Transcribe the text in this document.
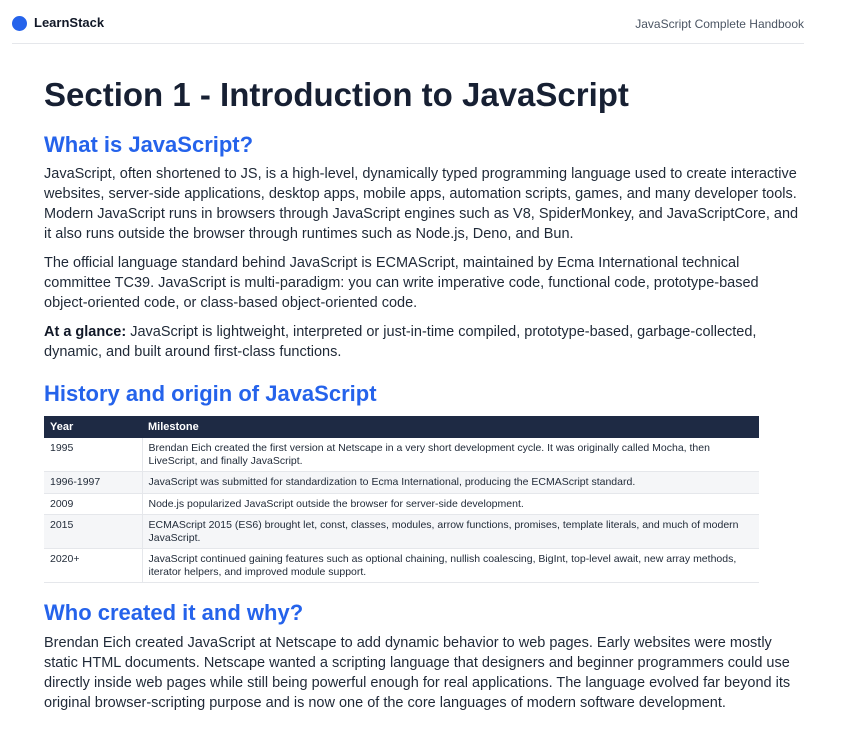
LearnStack	JavaScript Complete Handbook
Section 1 - Introduction to JavaScript
What is JavaScript?

JavaScript, often shortened to JS, is a high-level, dynamically typed programming language used to create interactive websites, server-side applications, desktop apps, mobile apps, automation scripts, games, and many developer tools. Modern JavaScript runs in browsers through JavaScript engines such as V8, SpiderMonkey, and JavaScriptCore, and it also runs outside the browser through runtimes such as Node.js, Deno, and Bun.

The official language standard behind JavaScript is ECMAScript, maintained by Ecma International technical committee TC39. JavaScript is multi-paradigm: you can write imperative code, functional code, prototype-based object-oriented code, or class-based object-oriented code.

At a glance: JavaScript is lightweight, interpreted or just-in-time compiled, prototype-based, garbage-collected, dynamic, and built around first-class functions.

History and origin of JavaScript
Year	Milestone
1995	Brendan Eich created the first version at Netscape in a very short development cycle. It was originally called Mocha, then LiveScript, and finally JavaScript.
1996-1997	JavaScript was submitted for standardization to Ecma International, producing the ECMAScript standard.
2009	Node.js popularized JavaScript outside the browser for server-side development.
2015	ECMAScript 2015 (ES6) brought let, const, classes, modules, arrow functions, promises, template literals, and much of modern JavaScript.
2020+	JavaScript continued gaining features such as optional chaining, nullish coalescing, BigInt, top-level await, new array methods, iterator helpers, and improved module support.
Who created it and why?

Brendan Eich created JavaScript at Netscape to add dynamic behavior to web pages. Early websites were mostly static HTML documents. Netscape wanted a scripting language that designers and beginner programmers could use directly inside web pages while still being powerful enough for real applications. The language evolved far beyond its original browser-scripting purpose and is now one of the core languages of modern software development.
